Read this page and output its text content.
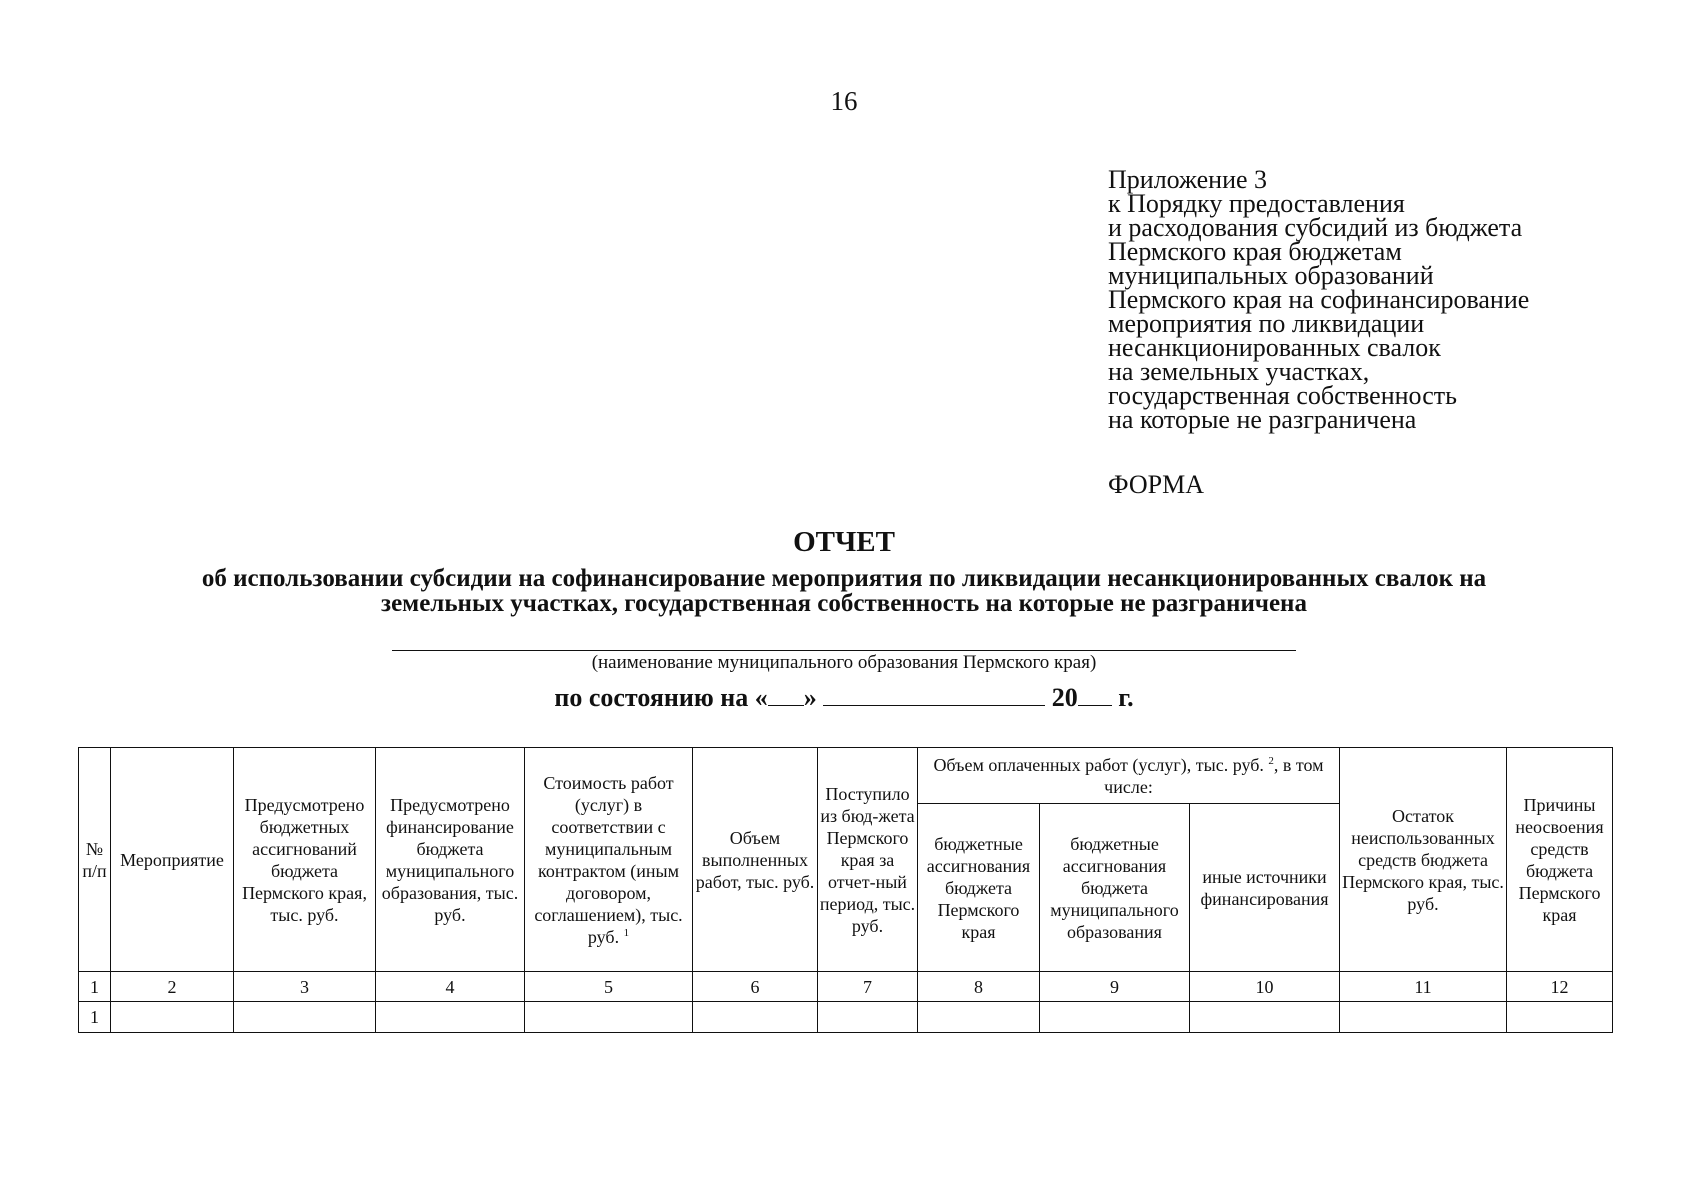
16
Приложение 3
к Порядку предоставления
и расходования субсидий из бюджета
Пермского края бюджетам
муниципальных образований
Пермского края на софинансирование
мероприятия по ликвидации
несанкционированных свалок
на земельных участках,
государственная собственность
на которые не разграничена
ФОРМА
ОТЧЕТ
об использовании субсидии на софинансирование мероприятия по ликвидации несанкционированных свалок на земельных участках, государственная собственность на которые не разграничена
(наименование муниципального образования Пермского края)
по состоянию на « »	20 г.
№ п/п	Мероприятие	Предусмотрено бюджетных ассигнований бюджета Пермского края, тыс. руб.	Предусмотрено финансирование бюджета муниципального образования, тыс. руб.	Стоимость работ (услуг) в соответствии с муниципальным контрактом (иным договором, соглашением), тыс. руб. $^1$	Объем выполненных работ, тыс. руб.	Поступило из бюд-жета Пермского края за отчет-ный период, тыс. руб.	Объем оплаченных работ (услуг), тыс. руб. $^2$, в том числе:			Остаток неиспользованных средств бюджета Пермского края, тыс. руб.	Причины неосвоения средств бюджета Пермского края
							бюджетные ассигнования бюджета Пермского края	бюджетные ассигнования бюджета муниципального образования	иные источники финансирования		
1	2	3	4	5	6	7	8	9	10	11	12
1											
